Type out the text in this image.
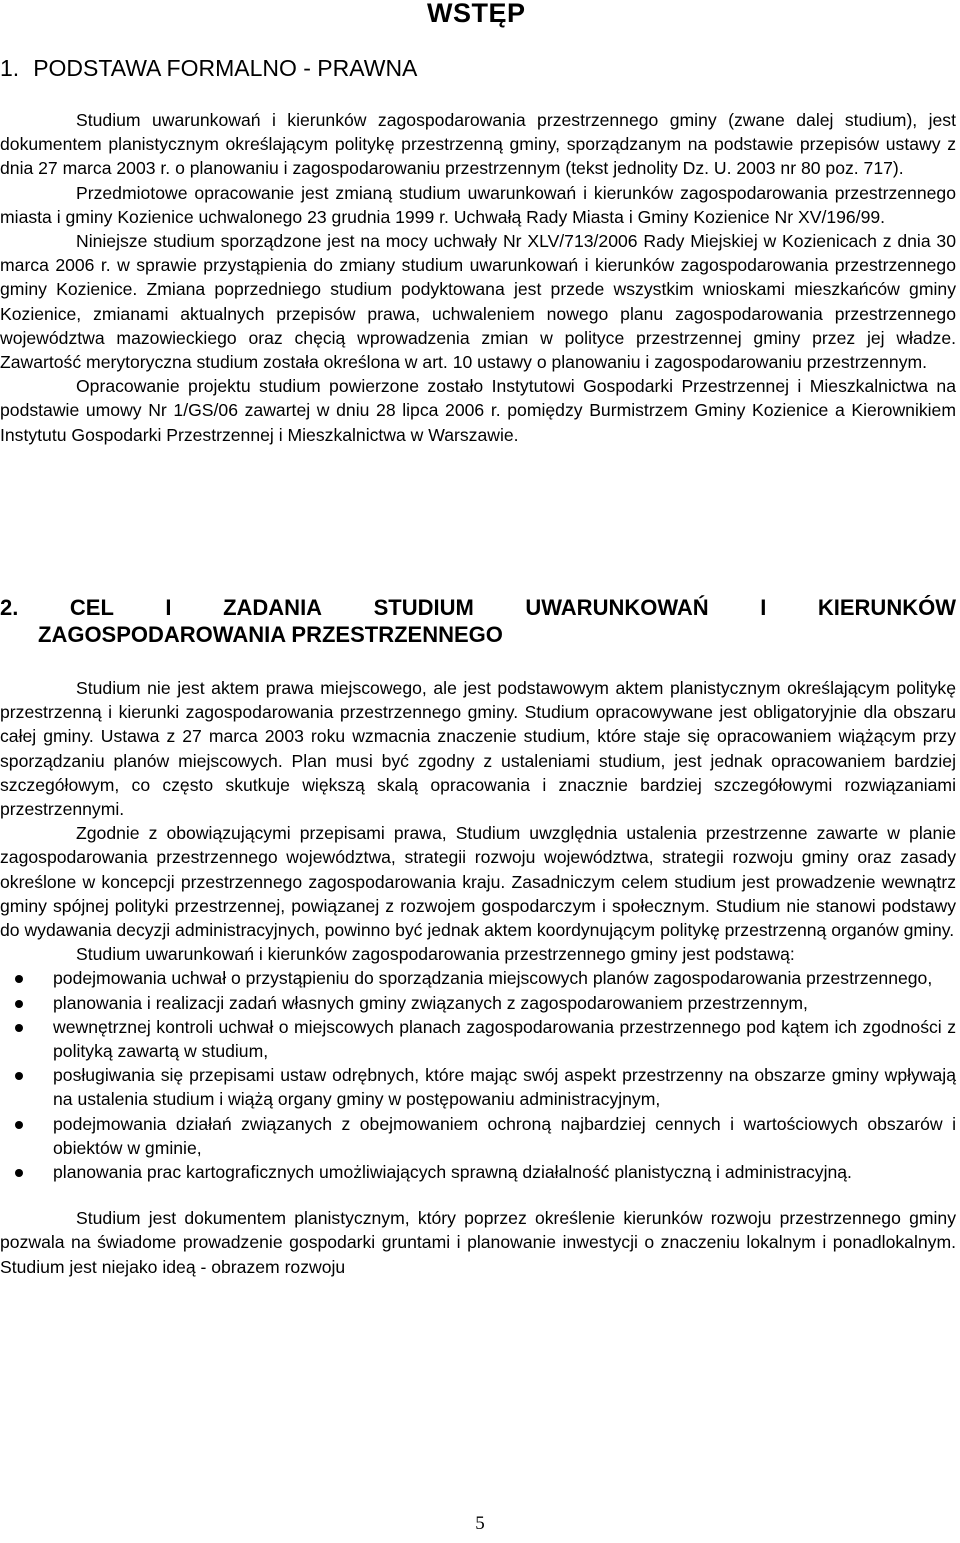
WSTĘP
1. PODSTAWA FORMALNO - PRAWNA

Studium uwarunkowań i kierunków zagospodarowania przestrzennego gminy (zwane dalej studium), jest dokumentem planistycznym określającym politykę przestrzenną gminy, sporządzanym na podstawie przepisów ustawy z dnia 27 marca 2003 r. o planowaniu i zagospodarowaniu przestrzennym (tekst jednolity Dz. U. 2003 nr 80 poz. 717).

Przedmiotowe opracowanie jest zmianą studium uwarunkowań i kierunków zagospodarowania przestrzennego miasta i gminy Kozienice uchwalonego 23 grudnia 1999 r. Uchwałą Rady Miasta i Gminy Kozienice Nr XV/196/99.

Niniejsze studium sporządzone jest na mocy uchwały Nr XLV/713/2006 Rady Miejskiej w Kozienicach z dnia 30 marca 2006 r. w sprawie przystąpienia do zmiany studium uwarunkowań i kierunków zagospodarowania przestrzennego gminy Kozienice. Zmiana poprzedniego studium podyktowana jest przede wszystkim wnioskami mieszkańców gminy Kozienice, zmianami aktualnych przepisów prawa, uchwaleniem nowego planu zagospodarowania przestrzennego województwa mazowieckiego oraz chęcią wprowadzenia zmian w polityce przestrzennej gminy przez jej władze. Zawartość merytoryczna studium została określona w art. 10 ustawy o planowaniu i zagospodarowaniu przestrzennym.

Opracowanie projektu studium powierzone zostało Instytutowi Gospodarki Przestrzennej i Mieszkalnictwa na podstawie umowy Nr 1/GS/06 zawartej w dniu 28 lipca 2006 r. pomiędzy Burmistrzem Gminy Kozienice a Kierownikiem Instytutu Gospodarki Przestrzennej i Mieszkalnictwa w Warszawie.

2. CEL I ZADANIA STUDIUM UWARUNKOWAŃ I KIERUNKÓW
ZAGOSPODAROWANIA PRZESTRZENNEGO

Studium nie jest aktem prawa miejscowego, ale jest podstawowym aktem planistycznym określającym politykę przestrzenną i kierunki zagospodarowania przestrzennego gminy. Studium opracowywane jest obligatoryjnie dla obszaru całej gminy. Ustawa z 27 marca 2003 roku wzmacnia znaczenie studium, które staje się opracowaniem wiążącym przy sporządzaniu planów miejscowych. Plan musi być zgodny z ustaleniami studium, jest jednak opracowaniem bardziej szczegółowym, co często skutkuje większą skalą opracowania i znacznie bardziej szczegółowymi rozwiązaniami przestrzennymi.

Zgodnie z obowiązującymi przepisami prawa, Studium uwzględnia ustalenia przestrzenne zawarte w planie zagospodarowania przestrzennego województwa, strategii rozwoju województwa, strategii rozwoju gminy oraz zasady określone w koncepcji przestrzennego zagospodarowania kraju. Zasadniczym celem studium jest prowadzenie wewnątrz gminy spójnej polityki przestrzennej, powiązanej z rozwojem gospodarczym i społecznym. Studium nie stanowi podstawy do wydawania decyzji administracyjnych, powinno być jednak aktem koordynującym politykę przestrzenną organów gminy.

Studium uwarunkowań i kierunków zagospodarowania przestrzennego gminy jest podstawą:

podejmowania uchwał o przystąpieniu do sporządzania miejscowych planów zagospodarowania przestrzennego,
planowania i realizacji zadań własnych gminy związanych z zagospodarowaniem przestrzennym,
wewnętrznej kontroli uchwał o miejscowych planach zagospodarowania przestrzennego pod kątem ich zgodności z polityką zawartą w studium,
posługiwania się przepisami ustaw odrębnych, które mając swój aspekt przestrzenny na obszarze gminy wpływają na ustalenia studium i wiążą organy gminy w postępowaniu administracyjnym,
podejmowania działań związanych z obejmowaniem ochroną najbardziej cennych i wartościowych obszarów i obiektów w gminie,
planowania prac kartograficznych umożliwiających sprawną działalność planistyczną i administracyjną.

Studium jest dokumentem planistycznym, który poprzez określenie kierunków rozwoju przestrzennego gminy pozwala na świadome prowadzenie gospodarki gruntami i planowanie inwestycji o znaczeniu lokalnym i ponadlokalnym. Studium jest niejako ideą - obrazem rozwoju

5
